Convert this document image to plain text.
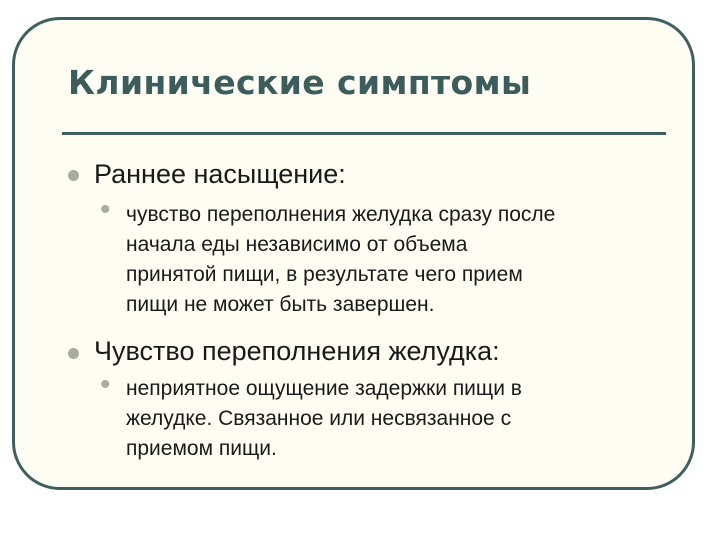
Клинические симптомы
Раннее насыщение:
• чувство переполнения желудка сразу после
начала еды независимо от объема
принятой пищи, в результате чего прием
пищи не может быть завершен.
Чувство переполнения желудка:
• неприятное ощущение задержки пищи в
желудке. Связанное или несвязанное с
приемом пищи.
